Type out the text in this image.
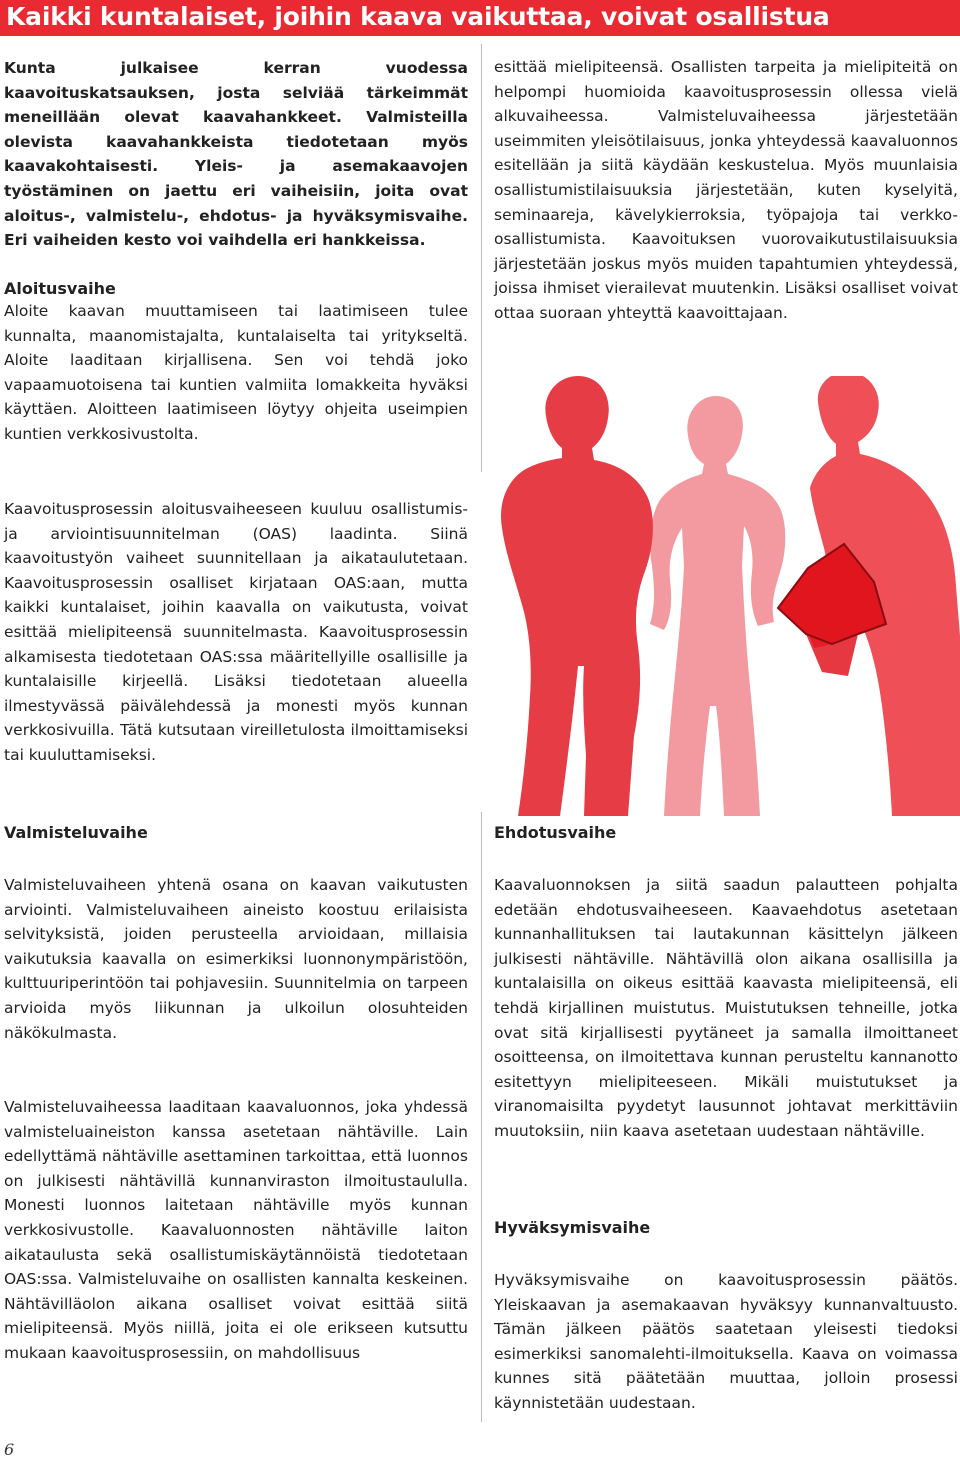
Kaikki kuntalaiset, joihin kaava vaikuttaa, voivat osallistua

Kunta julkaisee kerran vuodessa kaavoituskatsauksen, josta selviää tärkeimmät meneillään olevat kaavahankkeet. Valmisteilla olevista kaavahankkeista tiedotetaan myös kaavakohtaisesti. Yleis- ja asemakaavojen työstäminen on jaettu eri vaiheisiin, joita ovat aloitus-, valmistelu-, ehdotus- ja hyväksymisvaihe. Eri vaiheiden kesto voi vaihdella eri hankkeissa.

Aloitusvaihe

Aloite kaavan muuttamiseen tai laatimiseen tulee kunnalta, maanomistajalta, kuntalaiselta tai yritykseltä. Aloite laaditaan kirjallisena. Sen voi tehdä joko vapaamuotoisena tai kuntien valmiita lomakkeita hyväksi käyttäen. Aloitteen laatimiseen löytyy ohjeita useimpien kuntien verkkosivustolta.

Kaavoitusprosessin aloitusvaiheeseen kuuluu osallistumis- ja arviointisuunnitelman (OAS) laadinta. Siinä kaavoitustyön vaiheet suunnitellaan ja aikataulutetaan. Kaavoitusprosessin osalliset kirjataan OAS:aan, mutta kaikki kuntalaiset, joihin kaavalla on vaikutusta, voivat esittää mielipiteensä suunnitelmasta. Kaavoitusprosessin alkamisesta tiedotetaan OAS:ssa määritellyille osallisille ja kuntalaisille kirjeellä. Lisäksi tiedotetaan alueella ilmestyvässä päivälehdessä ja monesti myös kunnan verkkosivuilla. Tätä kutsutaan vireilletulosta ilmoittamiseksi tai kuuluttamiseksi.

esittää mielipiteensä. Osallisten tarpeita ja mielipiteitä on helpompi huomioida kaavoitusprosessin ollessa vielä alkuvaiheessa. Valmisteluvaiheessa järjestetään useimmiten yleisötilaisuus, jonka yhteydessä kaavaluonnos esitellään ja siitä käydään keskustelua. Myös muunlaisia osallistumistilaisuuksia järjestetään, kuten kyselyitä, seminaareja, kävelykierroksia, työpajoja tai verkko-osallistumista. Kaavoituksen vuorovaikutustilaisuuksia järjestetään joskus myös muiden tapahtumien yhteydessä, joissa ihmiset vierailevat muutenkin. Lisäksi osalliset voivat ottaa suoraan yhteyttä kaavoittajaan.

Valmisteluvaihe

Valmisteluvaiheen yhtenä osana on kaavan vaikutusten arviointi. Valmisteluvaiheen aineisto koostuu erilaisista selvityksistä, joiden perusteella arvioidaan, millaisia vaikutuksia kaavalla on esimerkiksi luonnonympäristöön, kulttuuriperintöön tai pohjavesiin. Suunnitelmia on tarpeen arvioida myös liikunnan ja ulkoilun olosuhteiden näkökulmasta.

Valmisteluvaiheessa laaditaan kaavaluonnos, joka yhdessä valmisteluaineiston kanssa asetetaan nähtäville. Lain edellyttämä nähtäville asettaminen tarkoittaa, että luonnos on julkisesti nähtävillä kunnanviraston ilmoitustaululla. Monesti luonnos laitetaan nähtäville myös kunnan verkkosivustolle. Kaavaluonnosten nähtäville laiton aikataulusta sekä osallistumiskäytännöistä tiedotetaan OAS:ssa. Valmisteluvaihe on osallisten kannalta keskeinen. Nähtävilläolon aikana osalliset voivat esittää siitä mielipiteensä. Myös niillä, joita ei ole erikseen kutsuttu mukaan kaavoitusprosessiin, on mahdollisuus

Ehdotusvaihe

Kaavaluonnoksen ja siitä saadun palautteen pohjalta edetään ehdotusvaiheeseen. Kaavaehdotus asetetaan kunnanhallituksen tai lautakunnan käsittelyn jälkeen julkisesti nähtäville. Nähtävillä olon aikana osallisilla ja kuntalaisilla on oikeus esittää kaavasta mielipiteensä, eli tehdä kirjallinen muistutus. Muistutuksen tehneille, jotka ovat sitä kirjallisesti pyytäneet ja samalla ilmoittaneet osoitteensa, on ilmoitettava kunnan perusteltu kannanotto esitettyyn mielipiteeseen. Mikäli muistutukset ja viranomaisilta pyydetyt lausunnot johtavat merkittäviin muutoksiin, niin kaava asetetaan uudestaan nähtäville.

Hyväksymisvaihe

Hyväksymisvaihe on kaavoitusprosessin päätös. Yleiskaavan ja asemakaavan hyväksyy kunnanvaltuusto. Tämän jälkeen päätös saatetaan yleisesti tiedoksi esimerkiksi sanomalehti-ilmoituksella. Kaava on voimassa kunnes sitä päätetään muuttaa, jolloin prosessi käynnistetään uudestaan.

6
